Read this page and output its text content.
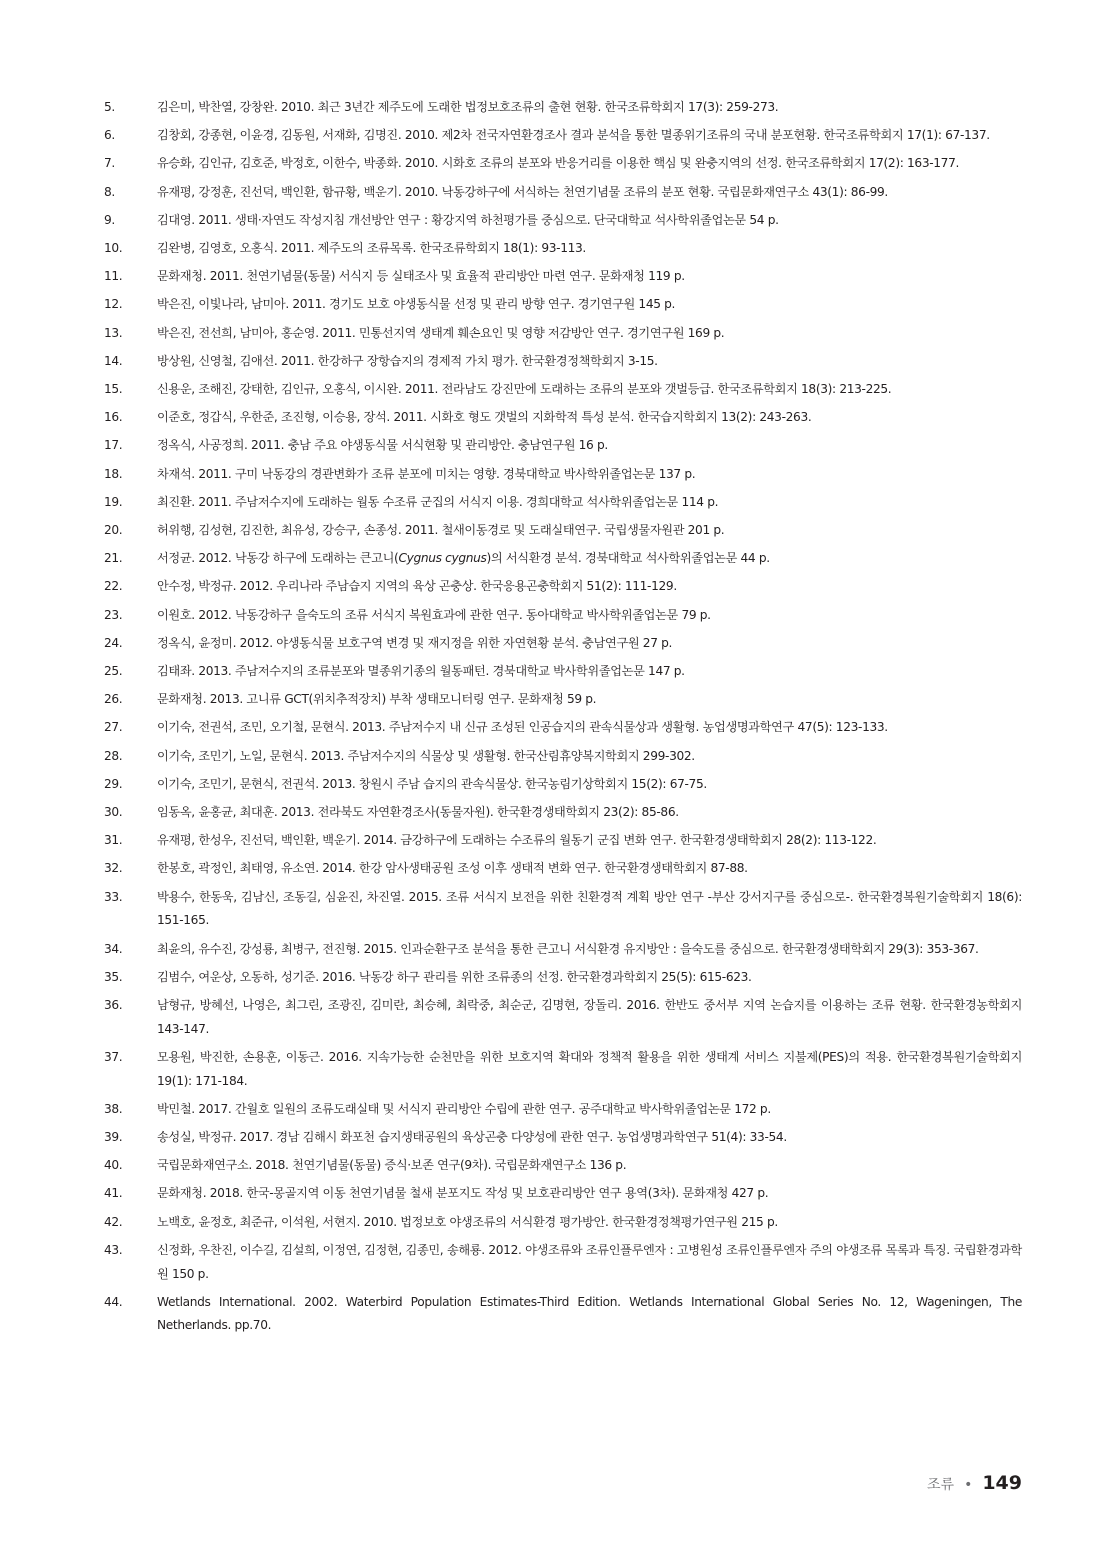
5.	김은미, 박찬열, 강창완. 2010. 최근 3년간 제주도에 도래한 법정보호조류의 출현 현황. 한국조류학회지 17(3): 259-273.
6.	김창회, 강종현, 이윤경, 김동원, 서재화, 김명진. 2010. 제2차 전국자연환경조사 결과 분석을 통한 멸종위기조류의 국내 분포현황. 한국조류학회지 17(1): 67-137.
7.	유승화, 김인규, 김호준, 박정호, 이한수, 박종화. 2010. 시화호 조류의 분포와 반응거리를 이용한 핵심 및 완충지역의 선정. 한국조류학회지 17(2): 163-177.
8.	유재평, 강정훈, 진선덕, 백인환, 함규황, 백운기. 2010. 낙동강하구에 서식하는 천연기념물 조류의 분포 현황. 국립문화재연구소 43(1): 86-99.
9.	김대영. 2011. 생태·자연도 작성지침 개선방안 연구 : 황강지역 하천평가를 중심으로. 단국대학교 석사학위졸업논문 54 p.
10.	김완병, 김영호, 오홍식. 2011. 제주도의 조류목록. 한국조류학회지 18(1): 93-113.
11.	문화재청. 2011. 천연기념물(동물) 서식지 등 실태조사 및 효율적 관리방안 마련 연구. 문화재청 119 p.
12.	박은진, 이빛나라, 남미아. 2011. 경기도 보호 야생동식물 선정 및 관리 방향 연구. 경기연구원 145 p.
13.	박은진, 전선희, 남미아, 홍순영. 2011. 민통선지역 생태계 훼손요인 및 영향 저감방안 연구. 경기연구원 169 p.
14.	방상원, 신영철, 김애선. 2011. 한강하구 장항습지의 경제적 가치 평가. 한국환경정책학회지 3-15.
15.	신용운, 조해진, 강태한, 김인규, 오홍식, 이시완. 2011. 전라남도 강진만에 도래하는 조류의 분포와 갯벌등급. 한국조류학회지 18(3): 213-225.
16.	이준호, 정갑식, 우한준, 조진형, 이승용, 장석. 2011. 시화호 형도 갯벌의 지화학적 특성 분석. 한국습지학회지 13(2): 243-263.
17.	정옥식, 사공정희. 2011. 충남 주요 야생동식물 서식현황 및 관리방안. 충남연구원 16 p.
18.	차재석. 2011. 구미 낙동강의 경관변화가 조류 분포에 미치는 영향. 경북대학교 박사학위졸업논문 137 p.
19.	최진환. 2011. 주남저수지에 도래하는 월동 수조류 군집의 서식지 이용. 경희대학교 석사학위졸업논문 114 p.
20.	허위행, 김성현, 김진한, 최유성, 강승구, 손종성. 2011. 철새이동경로 및 도래실태연구. 국립생물자원관 201 p.
21.	서정균. 2012. 낙동강 하구에 도래하는 큰고니(Cygnus cygnus)의 서식환경 분석. 경북대학교 석사학위졸업논문 44 p.
22.	안수정, 박정규. 2012. 우리나라 주남습지 지역의 육상 곤충상. 한국응용곤충학회지 51(2): 111-129.
23.	이원호. 2012. 낙동강하구 을숙도의 조류 서식지 복원효과에 관한 연구. 동아대학교 박사학위졸업논문 79 p.
24.	정옥식, 윤정미. 2012. 야생동식물 보호구역 변경 및 재지정을 위한 자연현황 분석. 충남연구원 27 p.
25.	김태좌. 2013. 주남저수지의 조류분포와 멸종위기종의 월동패턴. 경북대학교 박사학위졸업논문 147 p.
26.	문화재청. 2013. 고니류 GCT(위치추적장치) 부착 생태모니터링 연구. 문화재청 59 p.
27.	이기숙, 전권석, 조민, 오기철, 문현식. 2013. 주남저수지 내 신규 조성된 인공습지의 관속식물상과 생활형. 농업생명과학연구 47(5): 123-133.
28.	이기숙, 조민기, 노일, 문현식. 2013. 주남저수지의 식물상 및 생활형. 한국산림휴양복지학회지 299-302.
29.	이기숙, 조민기, 문현식, 전권석. 2013. 창원시 주남 습지의 관속식물상. 한국농림기상학회지 15(2): 67-75.
30.	임동옥, 윤홍균, 최대훈. 2013. 전라북도 자연환경조사(동물자원). 한국환경생태학회지 23(2): 85-86.
31.	유재평, 한성우, 진선덕, 백인환, 백운기. 2014. 금강하구에 도래하는 수조류의 월동기 군집 변화 연구. 한국환경생태학회지 28(2): 113-122.
32.	한봉호, 곽정인, 최태영, 유소연. 2014. 한강 암사생태공원 조성 이후 생태적 변화 연구. 한국환경생태학회지 87-88.
33.	박용수, 한동욱, 김남신, 조동길, 심윤진, 차진열. 2015. 조류 서식지 보전을 위한 친환경적 계획 방안 연구 -부산 강서지구를 중심으로-. 한국환경복원기술학회지 18(6): 151-165.
34.	최윤의, 유수진, 강성룡, 최병구, 전진형. 2015. 인과순환구조 분석을 통한 큰고니 서식환경 유지방안 : 을숙도를 중심으로. 한국환경생태학회지 29(3): 353-367.
35.	김범수, 여운상, 오동하, 성기준. 2016. 낙동강 하구 관리를 위한 조류종의 선정. 한국환경과학회지 25(5): 615-623.
36.	남형규, 방혜선, 나영은, 최그린, 조광진, 김미란, 최승혜, 최락중, 최순군, 김명현, 장돌리. 2016. 한반도 중서부 지역 논습지를 이용하는 조류 현황. 한국환경농학회지 143-147.
37.	모용원, 박진한, 손용훈, 이동근. 2016. 지속가능한 순천만을 위한 보호지역 확대와 정책적 활용을 위한 생태계 서비스 지불제(PES)의 적용. 한국환경복원기술학회지 19(1): 171-184.
38.	박민철. 2017. 간월호 일원의 조류도래실태 및 서식지 관리방안 수립에 관한 연구. 공주대학교 박사학위졸업논문 172 p.
39.	송성실, 박정규. 2017. 경남 김해시 화포천 습지생태공원의 육상곤충 다양성에 관한 연구. 농업생명과학연구 51(4): 33-54.
40.	국립문화재연구소. 2018. 천연기념물(동물) 증식·보존 연구(9차). 국립문화재연구소 136 p.
41.	문화재청. 2018. 한국-몽골지역 이동 천연기념물 철새 분포지도 작성 및 보호관리방안 연구 용역(3차). 문화재청 427 p.
42.	노백호, 윤정호, 최준규, 이석원, 서현지. 2010. 법정보호 야생조류의 서식환경 평가방안. 한국환경정책평가연구원 215 p.
43.	신정화, 우찬진, 이수길, 김설희, 이정연, 김정현, 김종민, 송해룡. 2012. 야생조류와 조류인플루엔자 : 고병원성 조류인플루엔자 주의 야생조류 목록과 특징. 국립환경과학원 150 p.
44.	Wetlands International. 2002. Waterbird Population Estimates-Third Edition. Wetlands International Global Series No. 12, Wageningen, The Netherlands. pp.70.
조류 • 149
